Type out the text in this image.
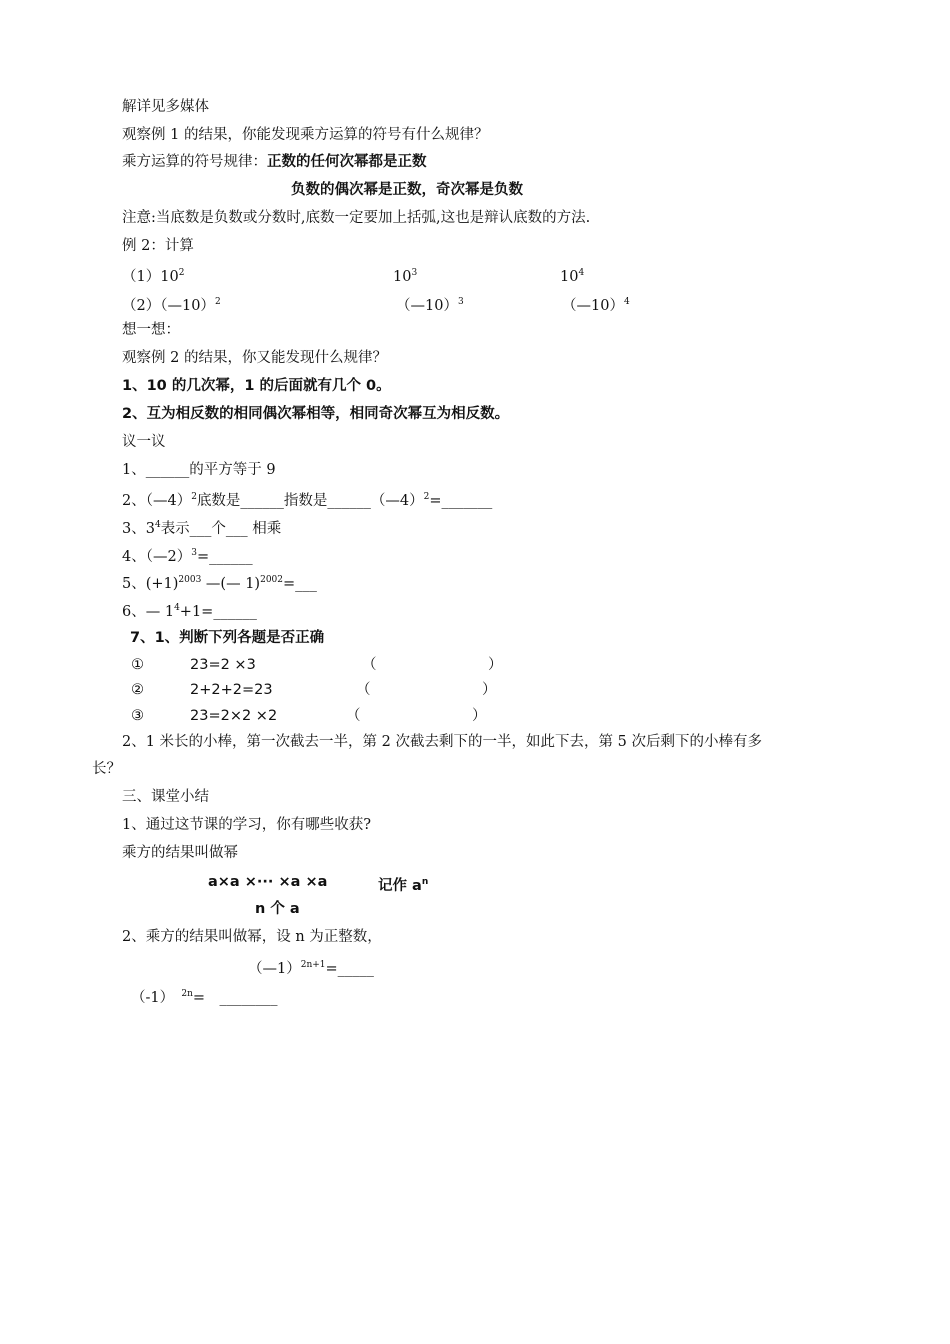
解详见多媒体
观察例 1 的结果，你能发现乘方运算的符号有什么规律？
乘方运算的符号规律：正数的任何次幂都是正数
负数的偶次幂是正数，奇次幂是负数
注意:当底数是负数或分数时,底数一定要加上括弧,这也是辩认底数的方法.
例 2：计算
$(1)10^2$	$10^3$	$10^4$
（2）（—10）$^2$	（—10）$^3$	（—10）$^4$
想一想：
观察例 2 的结果，你又能发现什么规律？
1、10 的几次幂，1 的后面就有几个 0。
2、互为相反数的相同偶次幂相等，相同奇次幂互为相反数。
议一议
1、______的平方等于 9
2、（—4）$^2$底数是______指数是______（—4）$^2$=_______
3、$3^4$表示___个___ 相乘
4、（—2）$^3$=______
5、$(+1)^{2003}$ —(— 1)$^{2002}$=___
6、— $1^4+1=\_\_\_\_\_\_$
7、1、判断下列各题是否正确
①	23=2 ×3	（	）
②	2+2+2=23	（	）
③	23=2×2 ×2	（	）
2、1 米长的小棒，第一次截去一半，第 2 次截去剩下的一半，如此下去，第 5 次后剩下的小棒有多
长？
三、课堂小结
1、通过这节课的学习，你有哪些收获?
乘方的结果叫做幂
a×a ×··· ×a ×a	记作 $a^n$
n 个 a
2、乘方的结果叫做幂，设 n 为正整数，
（—1）$^{2n+1}$=_____
（-1）　 $^{2n}$=　________
